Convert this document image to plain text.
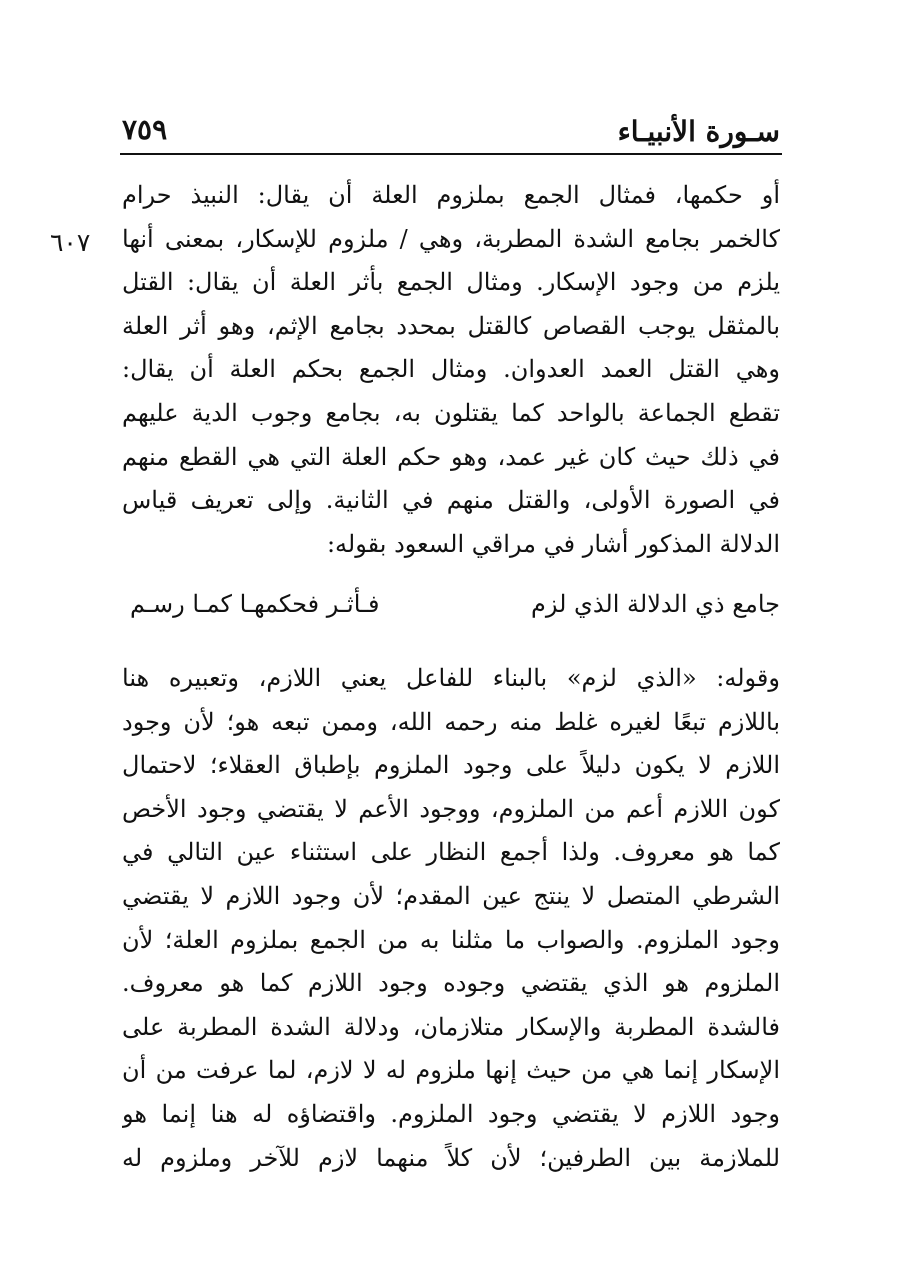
سـورة الأنبيـاء
٧٥٩
٦٠٧
أو حكمها، فمثال الجمع بملزوم العلة أن يقال: النبيذ حرام
كالخمر بجامع الشدة المطربة، وهي / ملزوم للإسكار، بمعنى أنها
يلزم من وجود الإسكار. ومثال الجمع بأثر العلة أن يقال: القتل
بالمثقل يوجب القصاص كالقتل بمحدد بجامع الإثم، وهو أثر العلة
وهي القتل العمد العدوان. ومثال الجمع بحكم العلة أن يقال:
تقطع الجماعة بالواحد كما يقتلون به، بجامع وجوب الدية عليهم
في ذلك حيث كان غير عمد، وهو حكم العلة التي هي القطع منهم
في الصورة الأولى، والقتل منهم في الثانية. وإلى تعريف قياس
الدلالة المذكور أشار في مراقي السعود بقوله:
جامع ذي الدلالة الذي لزم
فـأثـر فحكمهـا كمـا رسـم
وقوله: «الذي لزم» بالبناء للفاعل يعني اللازم، وتعبيره هنا
باللازم تبعًا لغيره غلط منه رحمه الله، وممن تبعه هو؛ لأن وجود
اللازم لا يكون دليلاً على وجود الملزوم بإطباق العقلاء؛ لاحتمال
كون اللازم أعم من الملزوم، ووجود الأعم لا يقتضي وجود الأخص
كما هو معروف. ولذا أجمع النظار على استثناء عين التالي في
الشرطي المتصل لا ينتج عين المقدم؛ لأن وجود اللازم لا يقتضي
وجود الملزوم. والصواب ما مثلنا به من الجمع بملزوم العلة؛ لأن
الملزوم هو الذي يقتضي وجوده وجود اللازم كما هو معروف.
فالشدة المطربة والإسكار متلازمان، ودلالة الشدة المطربة على
الإسكار إنما هي من حيث إنها ملزوم له لا لازم، لما عرفت من أن
وجود اللازم لا يقتضي وجود الملزوم. واقتضاؤه له هنا إنما هو
للملازمة بين الطرفين؛ لأن كلاً منهما لازم للآخر وملزوم له
